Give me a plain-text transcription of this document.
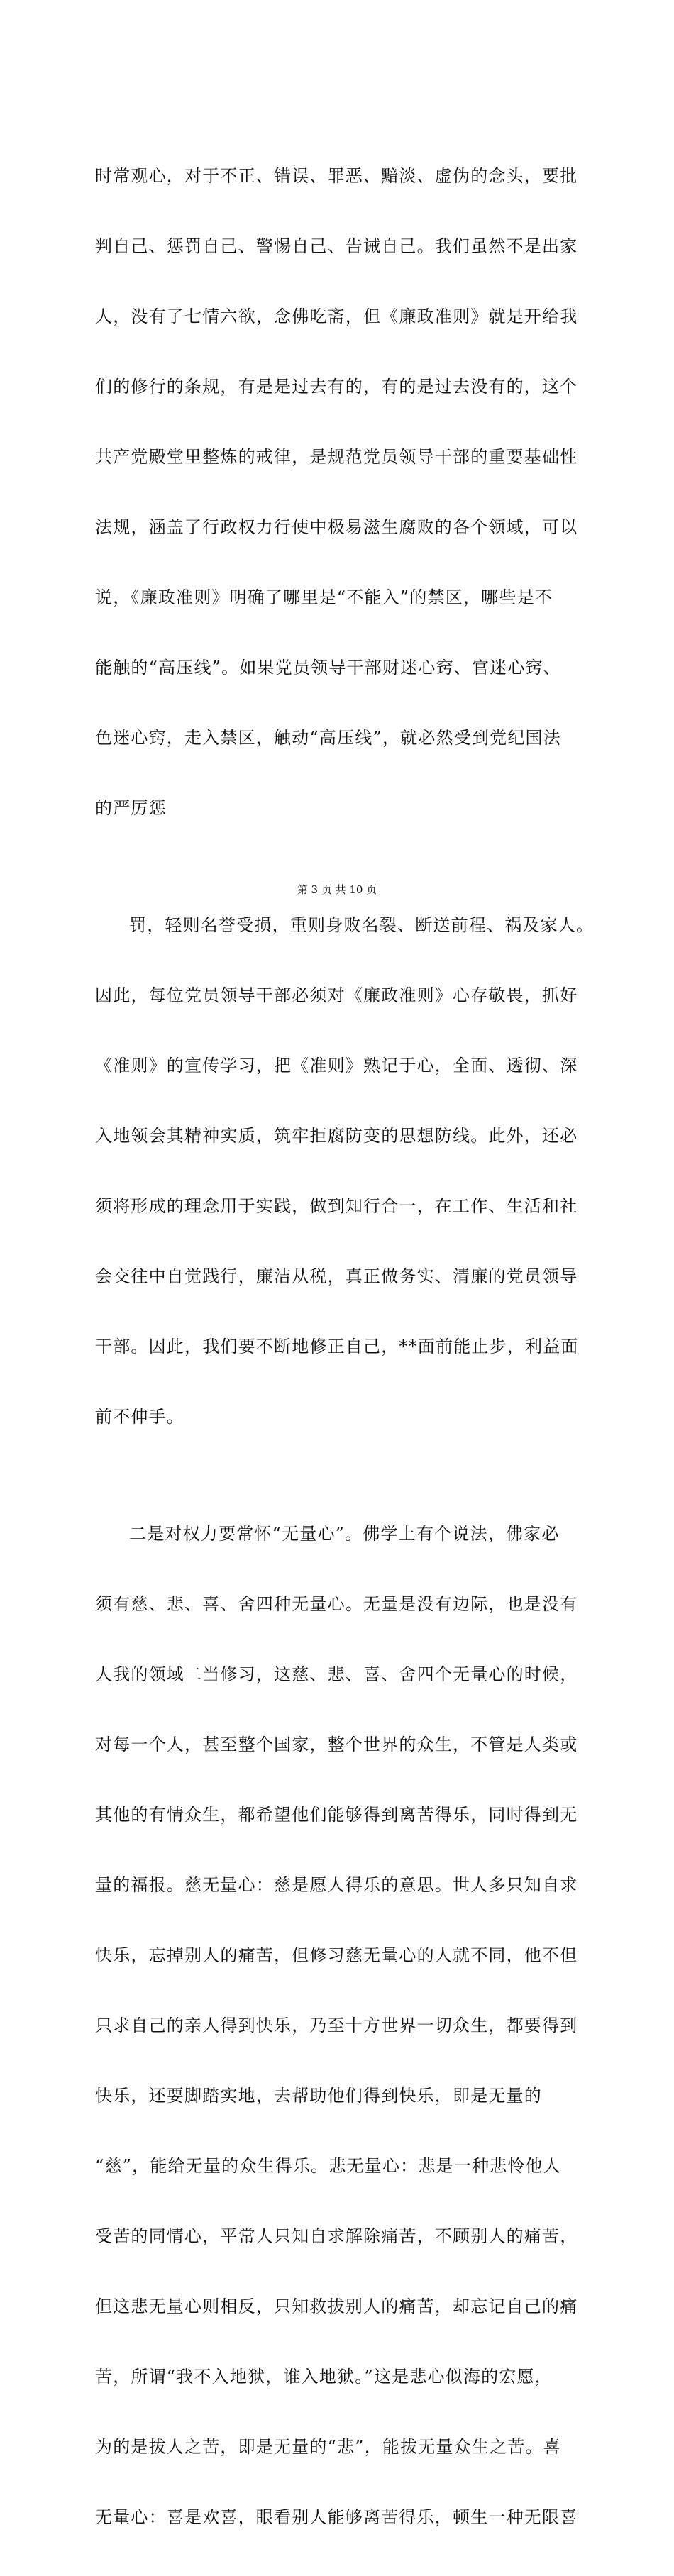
时常观心，对于不正、错误、罪恶、黯淡、虚伪的念头，要批

判自己、惩罚自己、警惕自己、告诫自己。我们虽然不是出家

人，没有了七情六欲，念佛吃斋，但《廉政准则》就是开给我

们的修行的条规，有是是过去有的，有的是过去没有的，这个

共产党殿堂里整炼的戒律，是规范党员领导干部的重要基础性

法规，涵盖了行政权力行使中极易滋生腐败的各个领域，可以

说，《廉政准则》明确了哪里是“不能入”的禁区，哪些是不

能触的“高压线”。如果党员领导干部财迷心窍、官迷心窍、

色迷心窍，走入禁区，触动“高压线”，就必然受到党纪国法

的严厉惩

罚，轻则名誉受损，重则身败名裂、断送前程、祸及家人。

因此，每位党员领导干部必须对《廉政准则》心存敬畏，抓好

《准则》的宣传学习，把《准则》熟记于心，全面、透彻、深

入地领会其精神实质，筑牢拒腐防变的思想防线。此外，还必

须将形成的理念用于实践，做到知行合一，在工作、生活和社

会交往中自觉践行，廉洁从税，真正做务实、清廉的党员领导

干部。因此，我们要不断地修正自己，**面前能止步，利益面

前不伸手。

二是对权力要常怀“无量心”。佛学上有个说法，佛家必

须有慈、悲、喜、舍四种无量心。无量是没有边际，也是没有

人我的领域二当修习，这慈、悲、喜、舍四个无量心的时候，

对每一个人，甚至整个国家，整个世界的众生，不管是人类或

其他的有情众生，都希望他们能够得到离苦得乐，同时得到无

量的福报。慈无量心：慈是愿人得乐的意思。世人多只知自求

快乐，忘掉别人的痛苦，但修习慈无量心的人就不同，他不但

只求自己的亲人得到快乐，乃至十方世界一切众生，都要得到

快乐，还要脚踏实地，去帮助他们得到快乐，即是无量的

“慈”，能给无量的众生得乐。悲无量心：悲是一种悲怜他人

受苦的同情心，平常人只知自求解除痛苦，不顾别人的痛苦，

但这悲无量心则相反，只知救拔别人的痛苦，却忘记自己的痛

苦，所谓“我不入地狱，谁入地狱。”这是悲心似海的宏愿，

为的是拔人之苦，即是无量的“悲”，能拔无量众生之苦。喜

无量心：喜是欢喜，眼看别人能够离苦得乐，顿生一种无限喜

第 3 页 共 10 页
